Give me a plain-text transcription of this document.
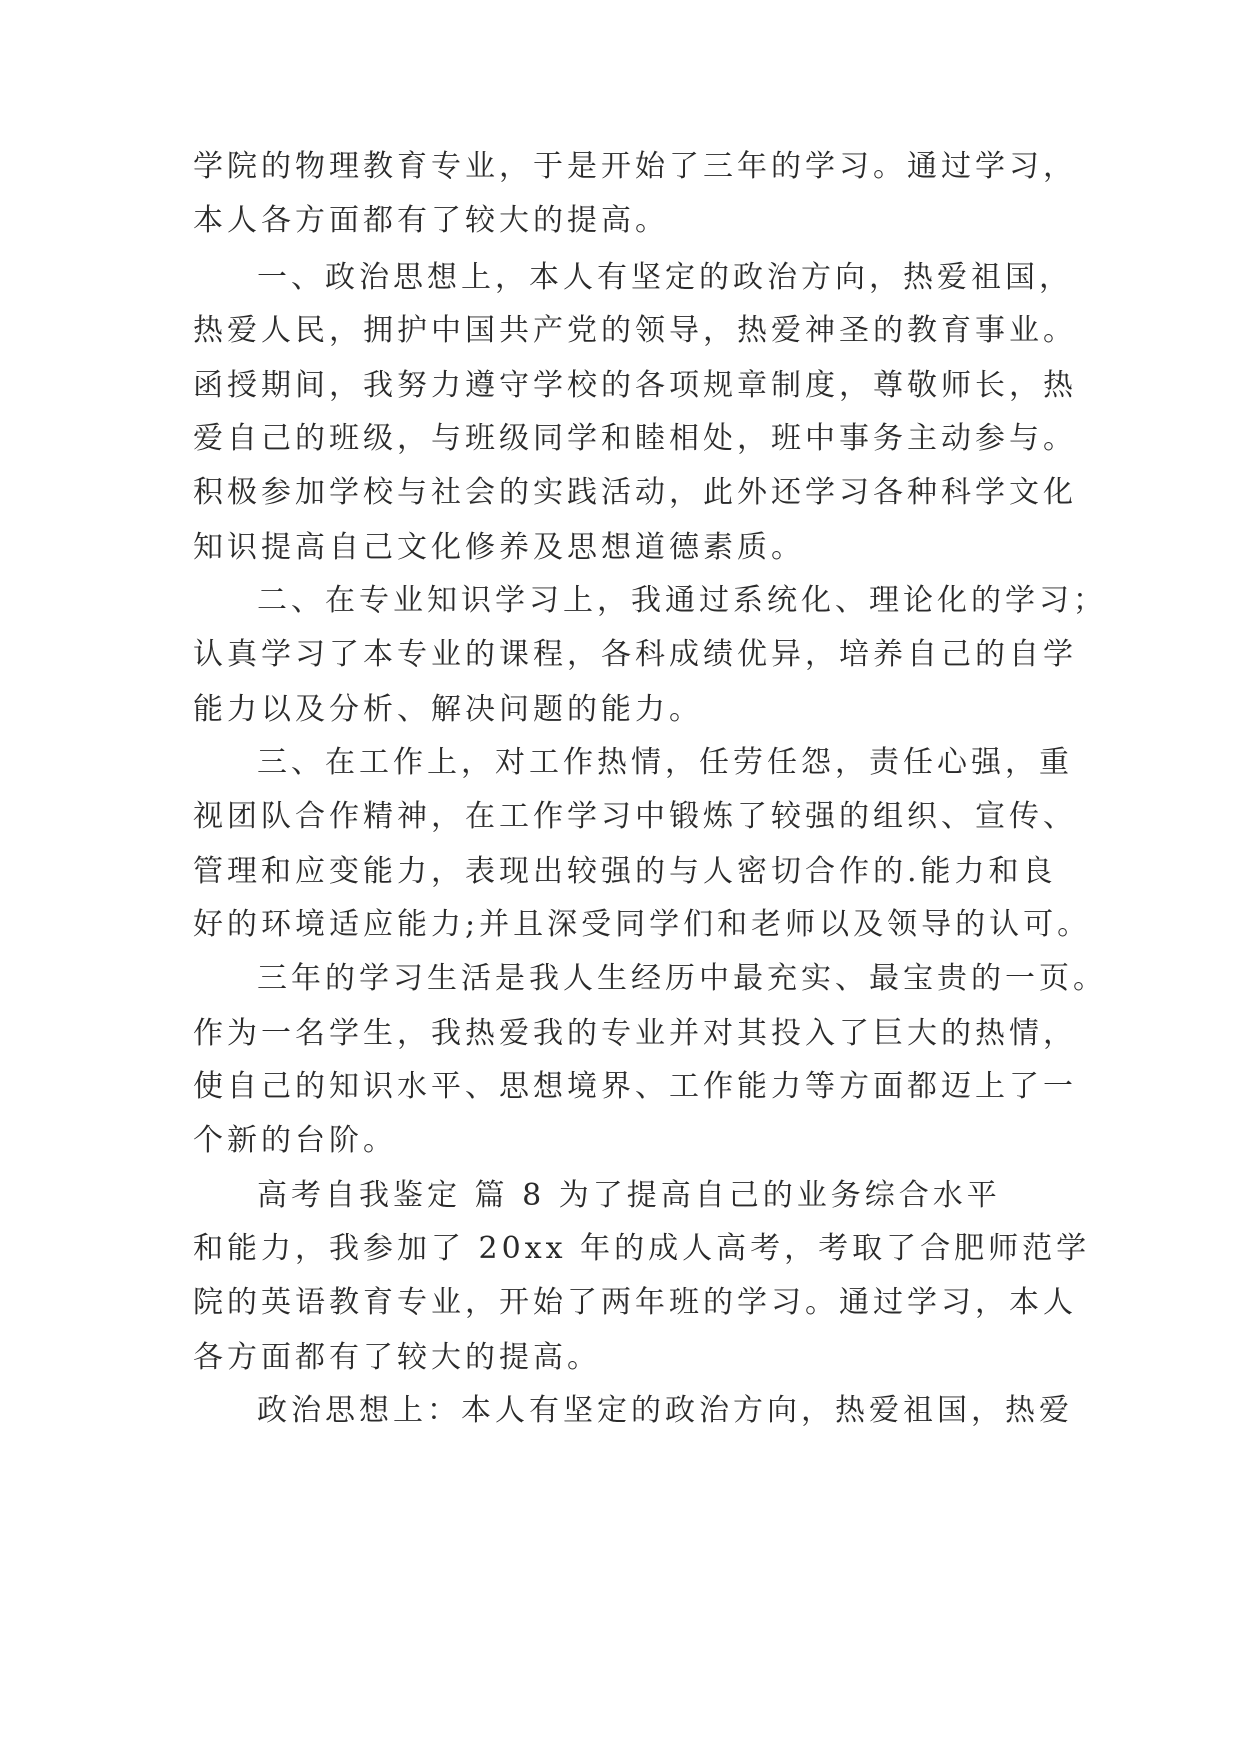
学院的物理教育专业，于是开始了三年的学习。通过学习，
本人各方面都有了较大的提高。
一、政治思想上，本人有坚定的政治方向，热爱祖国，
热爱人民，拥护中国共产党的领导，热爱神圣的教育事业。
函授期间，我努力遵守学校的各项规章制度，尊敬师长，热
爱自己的班级，与班级同学和睦相处，班中事务主动参与。
积极参加学校与社会的实践活动，此外还学习各种科学文化
知识提高自己文化修养及思想道德素质。
二、在专业知识学习上，我通过系统化、理论化的学习；
认真学习了本专业的课程，各科成绩优异，培养自己的自学
能力以及分析、解决问题的能力。
三、在工作上，对工作热情，任劳任怨，责任心强，重
视团队合作精神，在工作学习中锻炼了较强的组织、宣传、
管理和应变能力，表现出较强的与人密切合作的.能力和良
好的环境适应能力;并且深受同学们和老师以及领导的认可。
三年的学习生活是我人生经历中最充实、最宝贵的一页。
作为一名学生，我热爱我的专业并对其投入了巨大的热情，
使自己的知识水平、思想境界、工作能力等方面都迈上了一
个新的台阶。
高考自我鉴定 篇 8 为了提高自己的业务综合水平
和能力，我参加了 20xx 年的成人高考，考取了合肥师范学
院的英语教育专业，开始了两年班的学习。通过学习，本人
各方面都有了较大的提高。
政治思想上：本人有坚定的政治方向，热爱祖国，热爱
